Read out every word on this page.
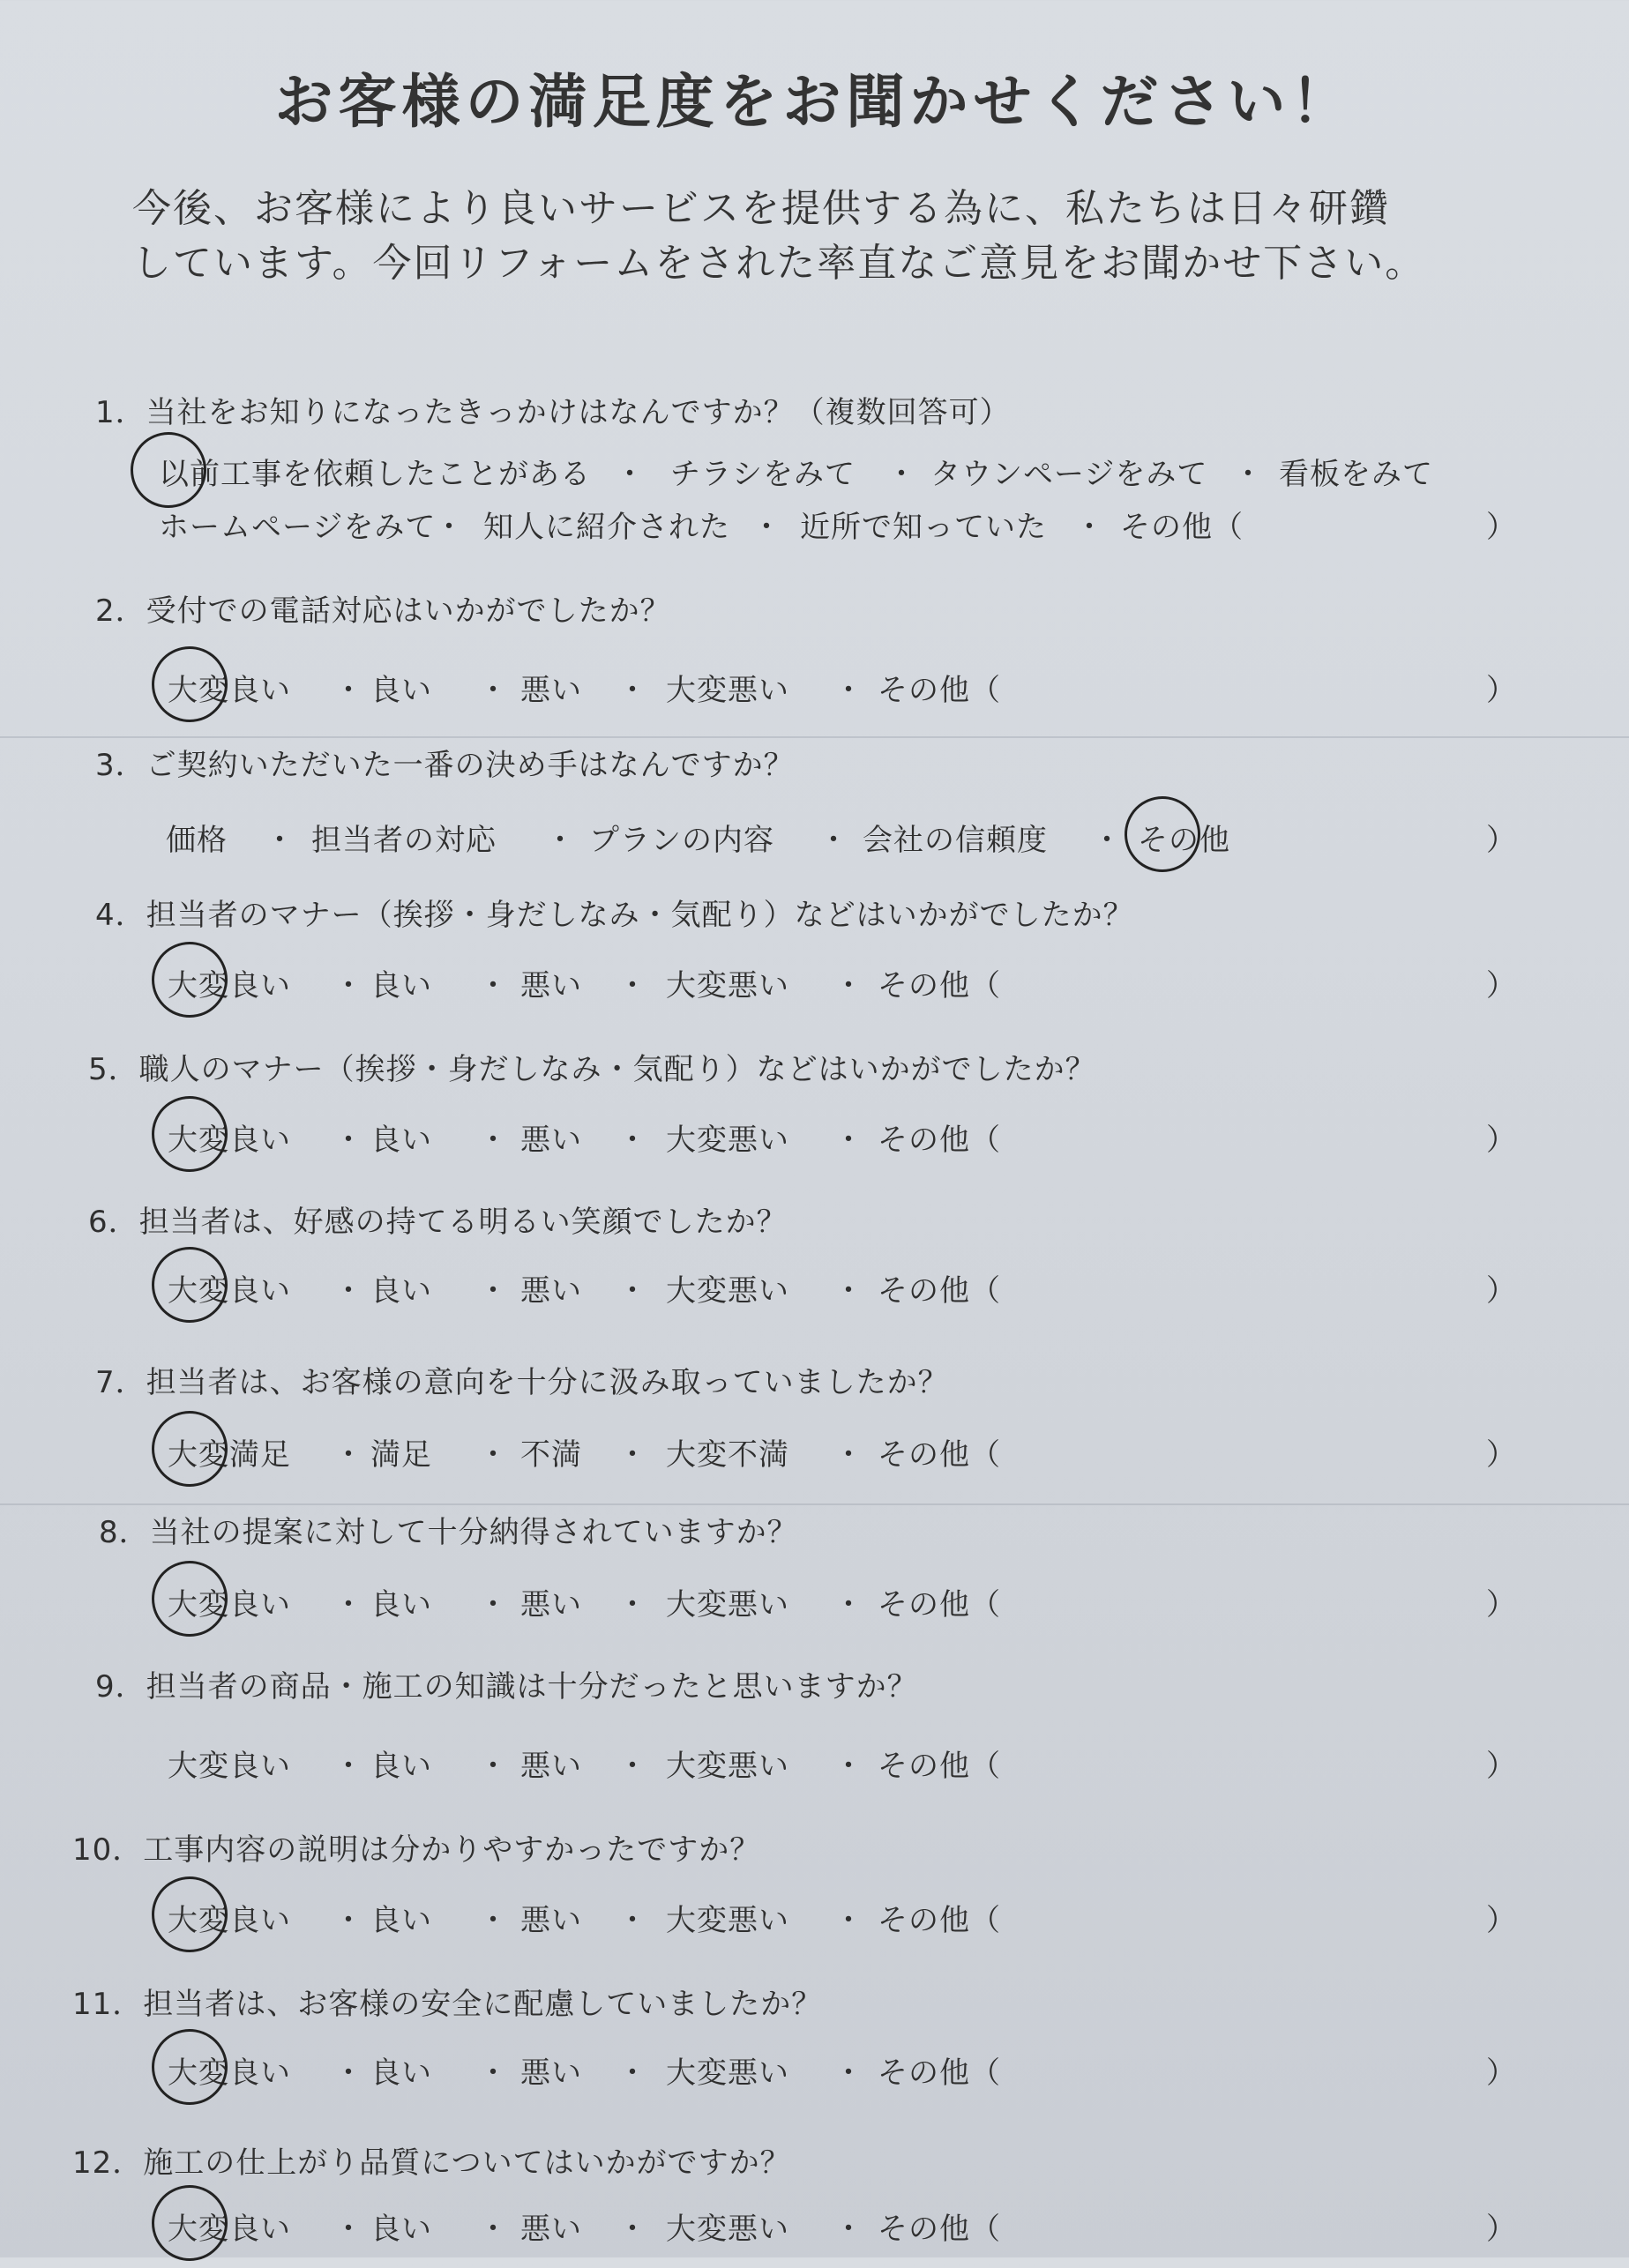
お客様の満足度をお聞かせください！
今後、お客様により良いサービスを提供する為に、私たちは日々研鑽
しています。今回リフォームをされた率直なご意見をお聞かせ下さい。
1．当社をお知りになったきっかけはなんですか？（複数回答可）
以前工事を依頼したことがある	チラシをみて	タウンページをみて 看板をみて
ホームページをみて 知人に紹介された 近所で知っていた その他（
・	・	・
・	・	・	）
2．受付での電話対応はいかがでしたか？
大変良い	良い	悪い	大変悪い	その他（
・	・	・	・	）
3．ご契約いただいた一番の決め手はなんですか？
価格	担当者の対応	プランの内容	会社の信頼度	その他
・	・	・	・	）
4．担当者のマナー（挨拶・身だしなみ・気配り）などはいかがでしたか？
大変良い	良い	悪い	大変悪い	その他（
・	・	・	・	）
5．職人のマナー（挨拶・身だしなみ・気配り）などはいかがでしたか？
大変良い	良い	悪い	大変悪い	その他（
・	・	・	・	）
6．担当者は、好感の持てる明るい笑顔でしたか？
大変良い	良い	悪い	大変悪い	その他（
・	・	・	・	）
7．担当者は、お客様の意向を十分に汲み取っていましたか？
大変満足	満足	不満	大変不満	その他（
・	・	・	・	）
8．当社の提案に対して十分納得されていますか？
大変良い	良い	悪い	大変悪い	その他（
・	・	・	・	）
9．担当者の商品・施工の知識は十分だったと思いますか？
大変良い	良い	悪い	大変悪い	その他（
・	・	・	・	）
10．工事内容の説明は分かりやすかったですか？
大変良い	良い	悪い	大変悪い	その他（
・	・	・	・	）
11．担当者は、お客様の安全に配慮していましたか？
大変良い	良い	悪い	大変悪い	その他（
・	・	・	・	）
12．施工の仕上がり品質についてはいかがですか？
大変良い	良い	悪い	大変悪い	その他（
・	・	・	・	）
